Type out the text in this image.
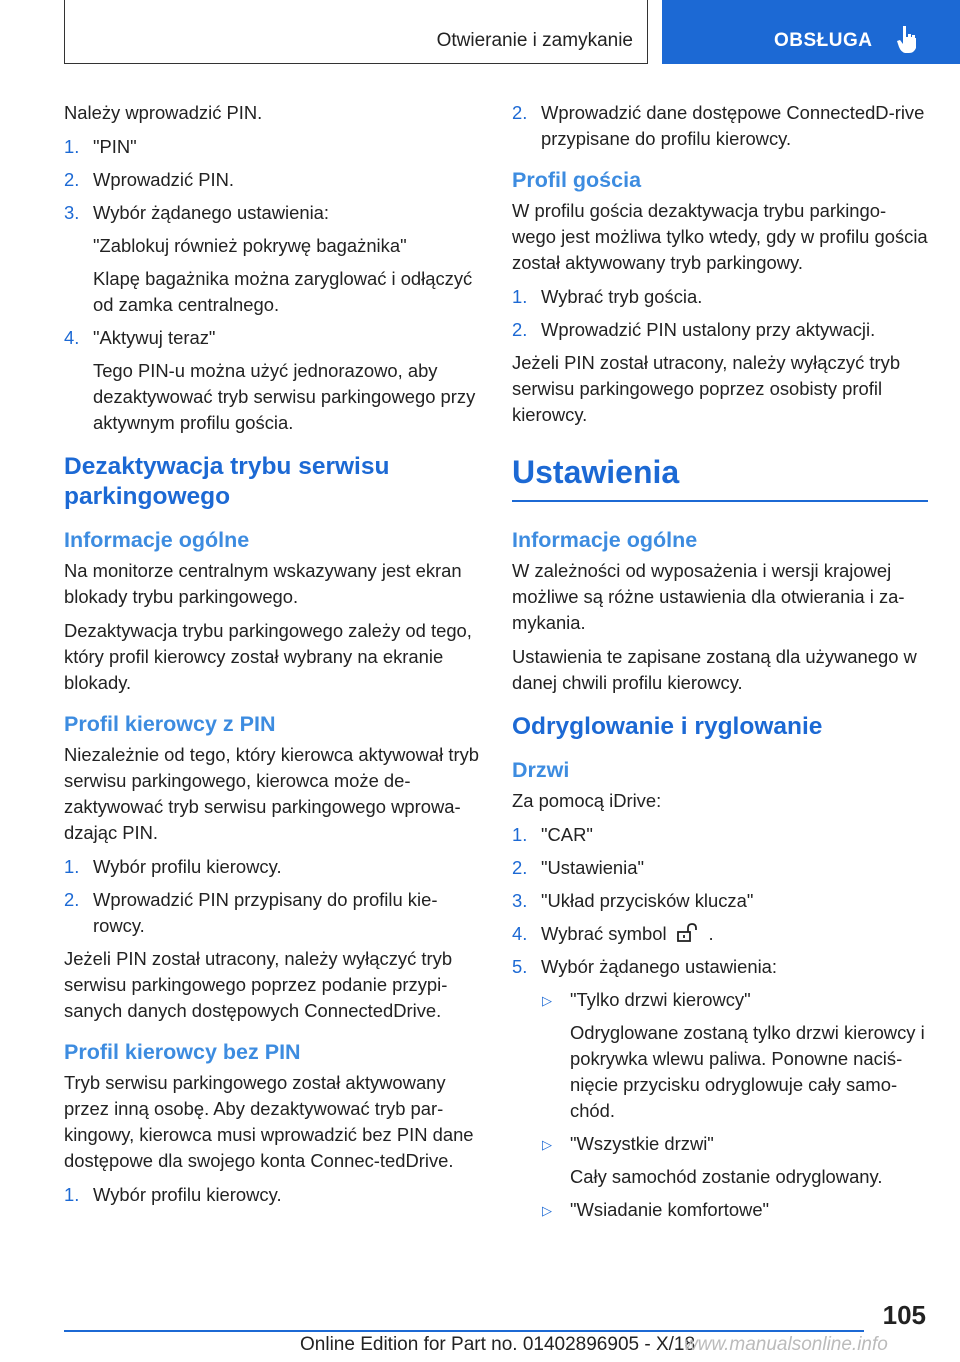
Otwieranie i zamykanie	OBSŁUGA

Należy wprowadzić PIN.

1. "PIN"
2. Wprowadzić PIN.
3. Wybór żądanego ustawienia:
"Zablokuj również pokrywę bagażnika"
Klapę bagażnika można zaryglować i odłączyć od zamka centralnego.
4. "Aktywuj teraz"
Tego PIN-u można użyć jednorazowo, aby dezaktywować tryb serwisu parkingowego przy aktywnym profilu gościa.
Dezaktywacja trybu serwisu parkingowego
Informacje ogólne

Na monitorze centralnym wskazywany jest ekran blokady trybu parkingowego.

Dezaktywacja trybu parkingowego zależy od tego, który profil kierowcy został wybrany na ekranie blokady.

Profil kierowcy z PIN

Niezależnie od tego, który kierowca aktywował tryb serwisu parkingowego, kierowca może de-zaktywować tryb serwisu parkingowego wprowa-dzając PIN.

1. Wybór profilu kierowcy.
2. Wprowadzić PIN przypisany do profilu kie-rowcy.

Jeżeli PIN został utracony, należy wyłączyć tryb serwisu parkingowego poprzez podanie przypi-sanych danych dostępowych ConnectedDrive.

Profil kierowcy bez PIN

Tryb serwisu parkingowego został aktywowany przez inną osobę. Aby dezaktywować tryb par-kingowy, kierowca musi wprowadzić bez PIN dane dostępowe dla swojego konta Connec-tedDrive.

1. Wybór profilu kierowcy.
2. Wprowadzić dane dostępowe ConnectedD-rive przypisane do profilu kierowcy.
Profil gościa

W profilu gościa dezaktywacja trybu parkingo-wego jest możliwa tylko wtedy, gdy w profilu gościa został aktywowany tryb parkingowy.

1. Wybrać tryb gościa.
2. Wprowadzić PIN ustalony przy aktywacji.

Jeżeli PIN został utracony, należy wyłączyć tryb serwisu parkingowego poprzez osobisty profil kierowcy.

Ustawienia
Informacje ogólne

W zależności od wyposażenia i wersji krajowej możliwe są różne ustawienia dla otwierania i za-mykania.

Ustawienia te zapisane zostaną dla używanego w danej chwili profilu kierowcy.

Odryglowanie i ryglowanie
Drzwi

Za pomocą iDrive:

1. "CAR"
2. "Ustawienia"
3. "Układ przycisków klucza"
4. Wybrać symbol .
5. Wybór żądanego ustawienia:
▷ "Tylko drzwi kierowcy"
Odryglowane zostaną tylko drzwi kierowcy i pokrywka wlewu paliwa. Ponowne naciś-nięcie przycisku odryglowuje cały samo-chód.
▷ "Wszystkie drzwi"
Cały samochód zostanie odryglowany.
▷ "Wsiadanie komfortowe"
105
Online Edition for Part no. 01402896905 - X/18
www.manualsonline.info
